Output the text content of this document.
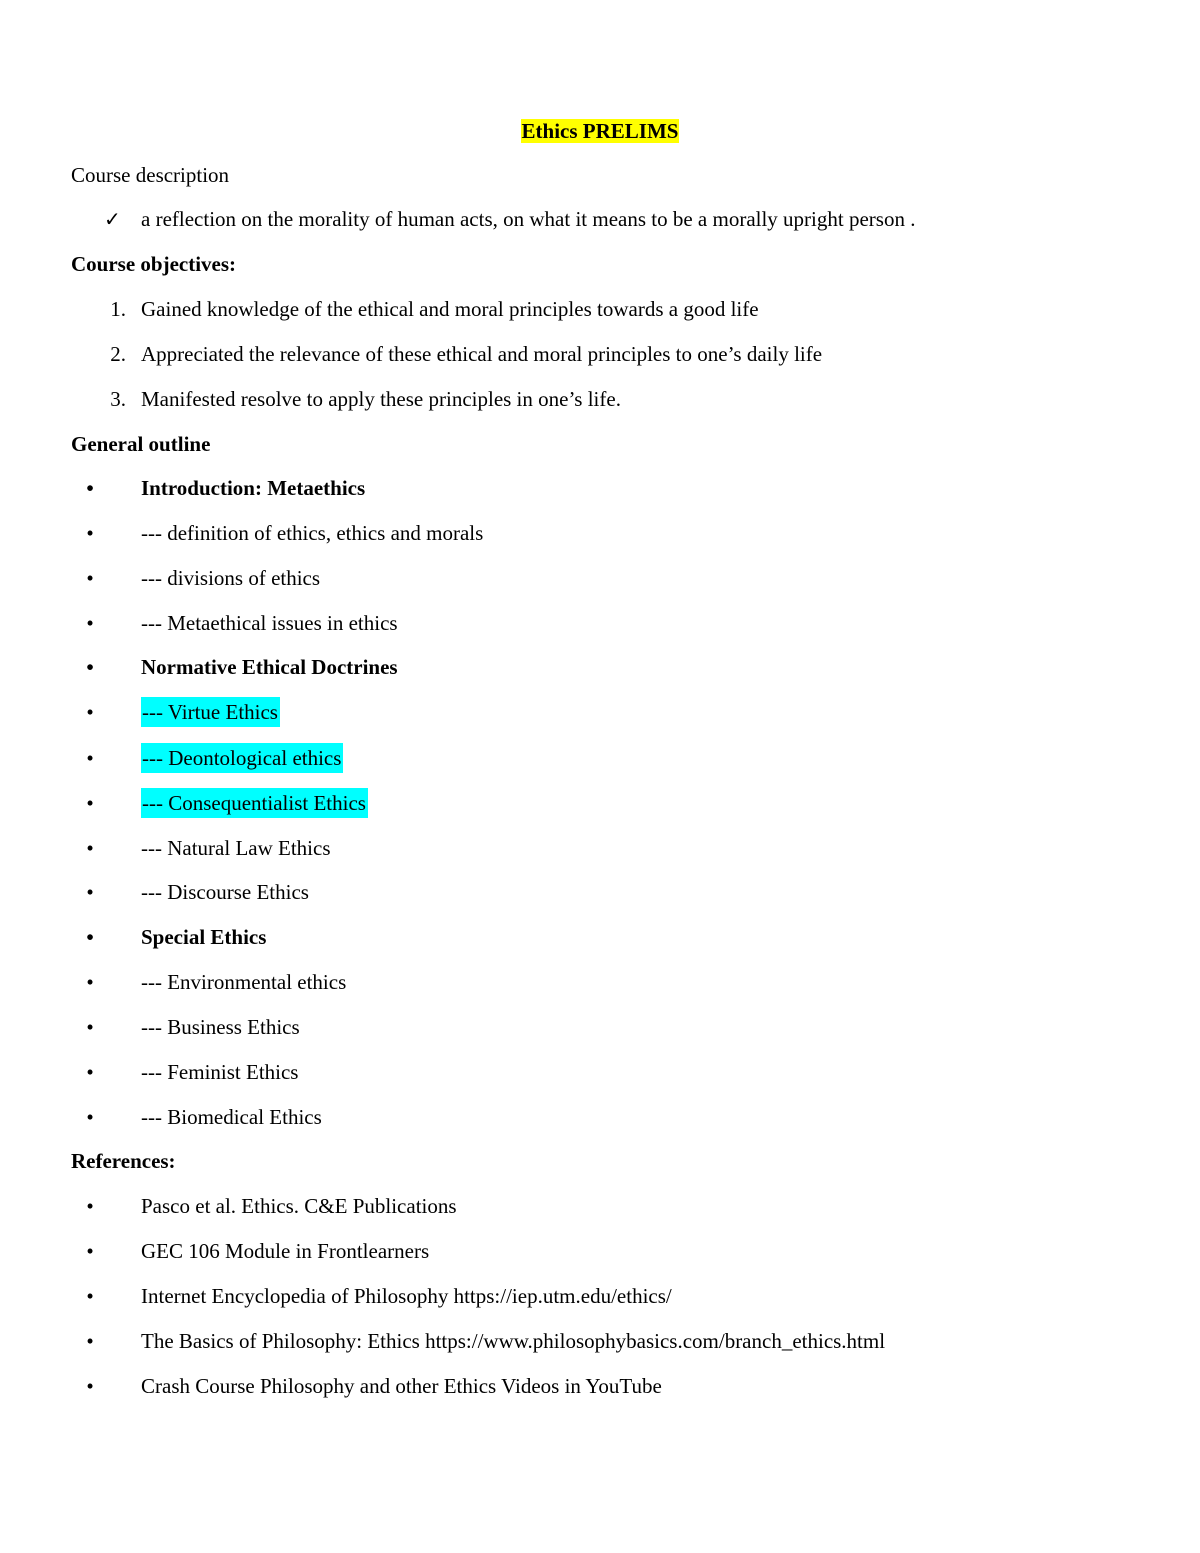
Ethics PRELIMS
Course description
✓ a reflection on the morality of human acts, on what it means to be a morally upright person .
Course objectives:
1. Gained knowledge of the ethical and moral principles towards a good life
2. Appreciated the relevance of these ethical and moral principles to one’s daily life
3. Manifested resolve to apply these principles in one’s life.
General outline
•	Introduction: Metaethics
•	--- definition of ethics, ethics and morals
•	--- divisions of ethics
•	--- Metaethical issues in ethics
•	Normative Ethical Doctrines
•	--- Virtue Ethics
•	--- Deontological ethics
•	--- Consequentialist Ethics
•	--- Natural Law Ethics
•	--- Discourse Ethics
•	Special Ethics
•	--- Environmental ethics
•	--- Business Ethics
•	--- Feminist Ethics
•	--- Biomedical Ethics
References:
•	Pasco et al. Ethics. C&E Publications
•	GEC 106 Module in Frontlearners
•	Internet Encyclopedia of Philosophy https://iep.utm.edu/ethics/
•	The Basics of Philosophy: Ethics https://www.philosophybasics.com/branch_ethics.html
•	Crash Course Philosophy and other Ethics Videos in YouTube
